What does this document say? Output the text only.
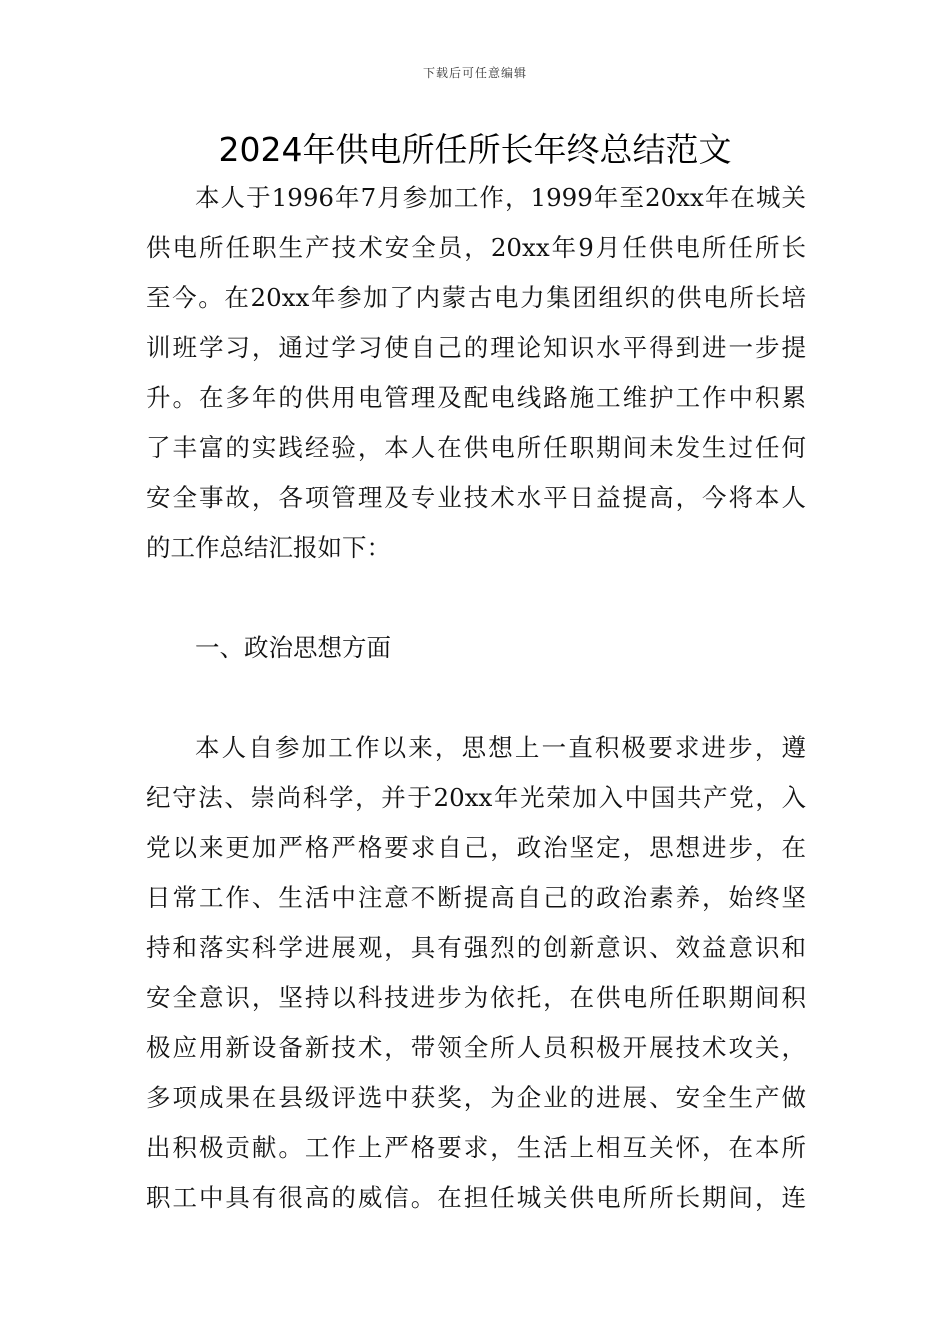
下载后可任意编辑
2024年供电所任所长年终总结范文
本人于1996年7月参加工作，1999年至20xx年在城关
供电所任职生产技术安全员，20xx年9月任供电所任所长
至今。在20xx年参加了内蒙古电力集团组织的供电所长培
训班学习，通过学习使自己的理论知识水平得到进一步提
升。在多年的供用电管理及配电线路施工维护工作中积累
了丰富的实践经验，本人在供电所任职期间未发生过任何
安全事故，各项管理及专业技术水平日益提高，今将本人
的工作总结汇报如下：
一、政治思想方面
本人自参加工作以来，思想上一直积极要求进步，遵
纪守法、崇尚科学，并于20xx年光荣加入中国共产党，入
党以来更加严格严格要求自己，政治坚定，思想进步，在
日常工作、生活中注意不断提高自己的政治素养，始终坚
持和落实科学进展观，具有强烈的创新意识、效益意识和
安全意识，坚持以科技进步为依托，在供电所任职期间积
极应用新设备新技术，带领全所人员积极开展技术攻关，
多项成果在县级评选中获奖，为企业的进展、安全生产做
出积极贡献。工作上严格要求，生活上相互关怀，在本所
职工中具有很高的威信。在担任城关供电所所长期间，连
